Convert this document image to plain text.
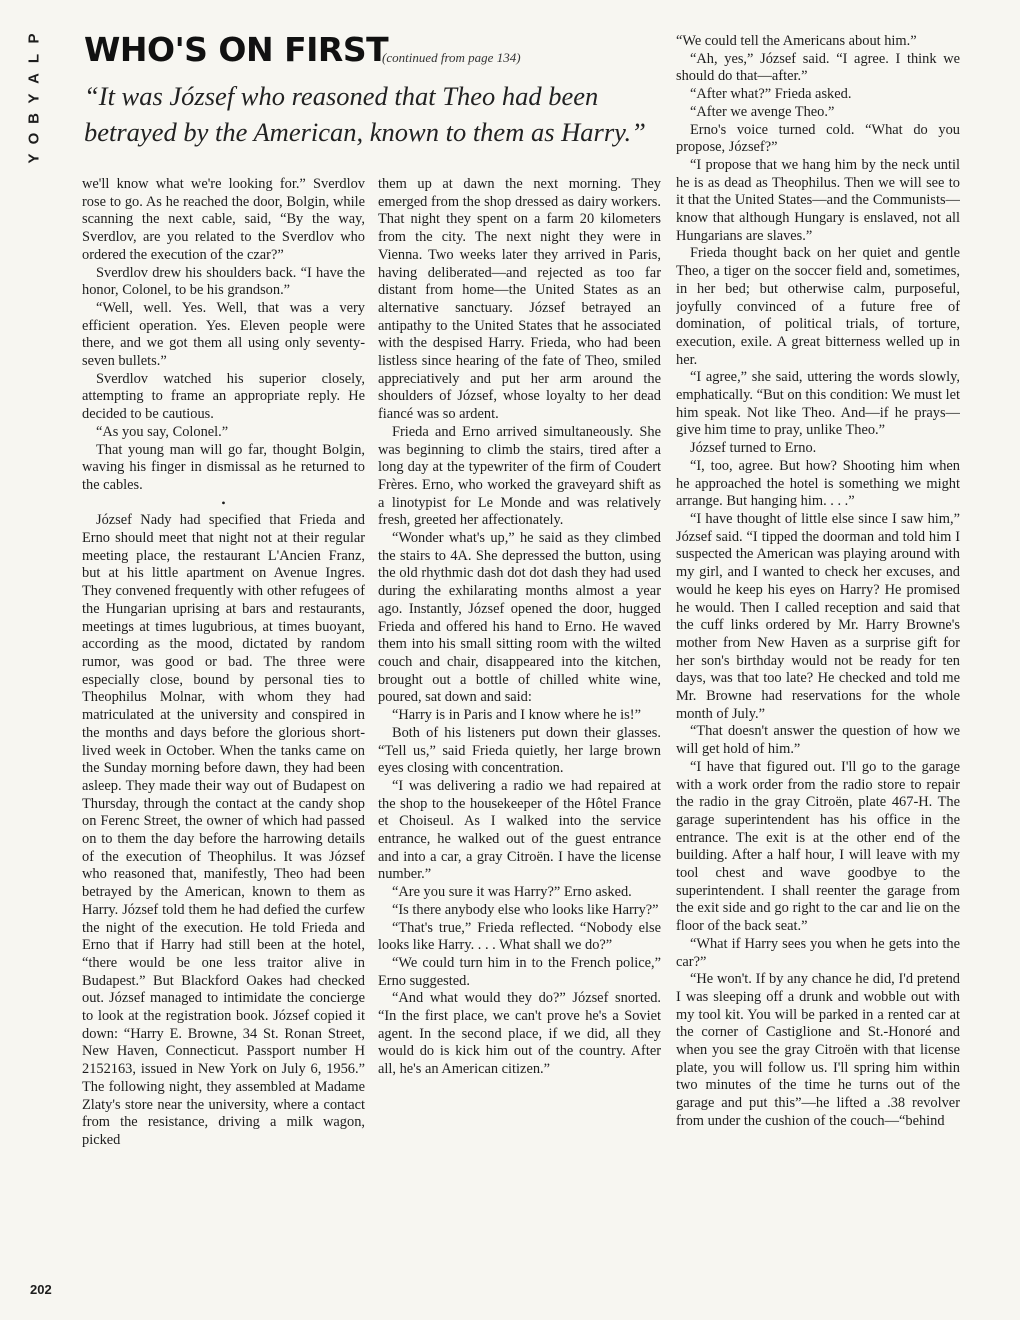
P
L
A
Y
B
O
Y
WHO'S ON FIRST
(continued from page 134)
“It was József who reasoned that Theo had been betrayed by the American, known to them as Harry.”

we'll know what we're looking for.” Sverdlov rose to go. As he reached the door, Bolgin, while scanning the next cable, said, “By the way, Sverdlov, are you related to the Sverdlov who ordered the execution of the czar?”

Sverdlov drew his shoulders back. “I have the honor, Colonel, to be his grandson.”

“Well, well. Yes. Well, that was a very efficient operation. Yes. Eleven people were there, and we got them all using only seventy-seven bullets.”

Sverdlov watched his superior closely, attempting to frame an appropriate reply. He decided to be cautious.

“As you say, Colonel.”

That young man will go far, thought Bolgin, waving his finger in dismissal as he returned to the cables.

•

József Nady had specified that Frieda and Erno should meet that night not at their regular meeting place, the restaurant L'Ancien Franz, but at his little apartment on Avenue Ingres. They convened frequently with other refugees of the Hungarian uprising at bars and restaurants, meetings at times lugubrious, at times buoyant, according as the mood, dictated by random rumor, was good or bad. The three were especially close, bound by personal ties to Theophilus Molnar, with whom they had matriculated at the university and conspired in the months and days before the glorious short-lived week in October. When the tanks came on the Sunday morning before dawn, they had been asleep. They made their way out of Budapest on Thursday, through the contact at the candy shop on Ferenc Street, the owner of which had passed on to them the day before the harrowing details of the execution of Theophilus. It was József who reasoned that, manifestly, Theo had been betrayed by the American, known to them as Harry. József told them he had defied the curfew the night of the execution. He told Frieda and Erno that if Harry had still been at the hotel, “there would be one less traitor alive in Budapest.” But Blackford Oakes had checked out. József managed to intimidate the concierge to look at the registration book. József copied it down: “Harry E. Browne, 34 St. Ronan Street, New Haven, Connecticut. Passport number H 2152163, issued in New York on July 6, 1956.” The following night, they assembled at Madame Zlaty's store near the university, where a contact from the resistance, driving a milk wagon, picked

them up at dawn the next morning. They emerged from the shop dressed as dairy workers. That night they spent on a farm 20 kilometers from the city. The next night they were in Vienna. Two weeks later they arrived in Paris, having deliberated—and rejected as too far distant from home—the United States as an alternative sanctuary. József betrayed an antipathy to the United States that he associated with the despised Harry. Frieda, who had been listless since hearing of the fate of Theo, smiled appreciatively and put her arm around the shoulders of József, whose loyalty to her dead fiancé was so ardent.

Frieda and Erno arrived simultaneously. She was beginning to climb the stairs, tired after a long day at the typewriter of the firm of Coudert Frères. Erno, who worked the graveyard shift as a linotypist for Le Monde and was relatively fresh, greeted her affectionately.

“Wonder what's up,” he said as they climbed the stairs to 4A. She depressed the button, using the old rhythmic dash dot dot dash they had used during the exhilarating months almost a year ago. Instantly, József opened the door, hugged Frieda and offered his hand to Erno. He waved them into his small sitting room with the wilted couch and chair, disappeared into the kitchen, brought out a bottle of chilled white wine, poured, sat down and said:

“Harry is in Paris and I know where he is!”

Both of his listeners put down their glasses. “Tell us,” said Frieda quietly, her large brown eyes closing with concentration.

“I was delivering a radio we had repaired at the shop to the housekeeper of the Hôtel France et Choiseul. As I walked into the service entrance, he walked out of the guest entrance and into a car, a gray Citroën. I have the license number.”

“Are you sure it was Harry?” Erno asked.

“Is there anybody else who looks like Harry?”

“That's true,” Frieda reflected. “Nobody else looks like Harry. . . . What shall we do?”

“We could turn him in to the French police,” Erno suggested.

“And what would they do?” József snorted. “In the first place, we can't prove he's a Soviet agent. In the second place, if we did, all they would do is kick him out of the country. After all, he's an American citizen.”

“We could tell the Americans about him.”

“Ah, yes,” József said. “I agree. I think we should do that—after.”

“After what?” Frieda asked.

“After we avenge Theo.”

Erno's voice turned cold. “What do you propose, József?”

“I propose that we hang him by the neck until he is as dead as Theophilus. Then we will see to it that the United States—and the Communists—know that although Hungary is enslaved, not all Hungarians are slaves.”

Frieda thought back on her quiet and gentle Theo, a tiger on the soccer field and, sometimes, in her bed; but otherwise calm, purposeful, joyfully convinced of a future free of domination, of political trials, of torture, execution, exile. A great bitterness welled up in her.

“I agree,” she said, uttering the words slowly, emphatically. “But on this condition: We must let him speak. Not like Theo. And—if he prays—give him time to pray, unlike Theo.”

József turned to Erno.

“I, too, agree. But how? Shooting him when he approached the hotel is something we might arrange. But hanging him. . . .”

“I have thought of little else since I saw him,” József said. “I tipped the doorman and told him I suspected the American was playing around with my girl, and I wanted to check her excuses, and would he keep his eyes on Harry? He promised he would. Then I called reception and said that the cuff links ordered by Mr. Harry Browne's mother from New Haven as a surprise gift for her son's birthday would not be ready for ten days, was that too late? He checked and told me Mr. Browne had reservations for the whole month of July.”

“That doesn't answer the question of how we will get hold of him.”

“I have that figured out. I'll go to the garage with a work order from the radio store to repair the radio in the gray Citroën, plate 467-H. The garage superintendent has his office in the entrance. The exit is at the other end of the building. After a half hour, I will leave with my tool chest and wave goodbye to the superintendent. I shall reenter the garage from the exit side and go right to the car and lie on the floor of the back seat.”

“What if Harry sees you when he gets into the car?”

“He won't. If by any chance he did, I'd pretend I was sleeping off a drunk and wobble out with my tool kit. You will be parked in a rented car at the corner of Castiglione and St.-Honoré and when you see the gray Citroën with that license plate, you will follow us. I'll spring him within two minutes of the time he turns out of the garage and put this”—he lifted a .38 revolver from under the cushion of the couch—“behind

202
